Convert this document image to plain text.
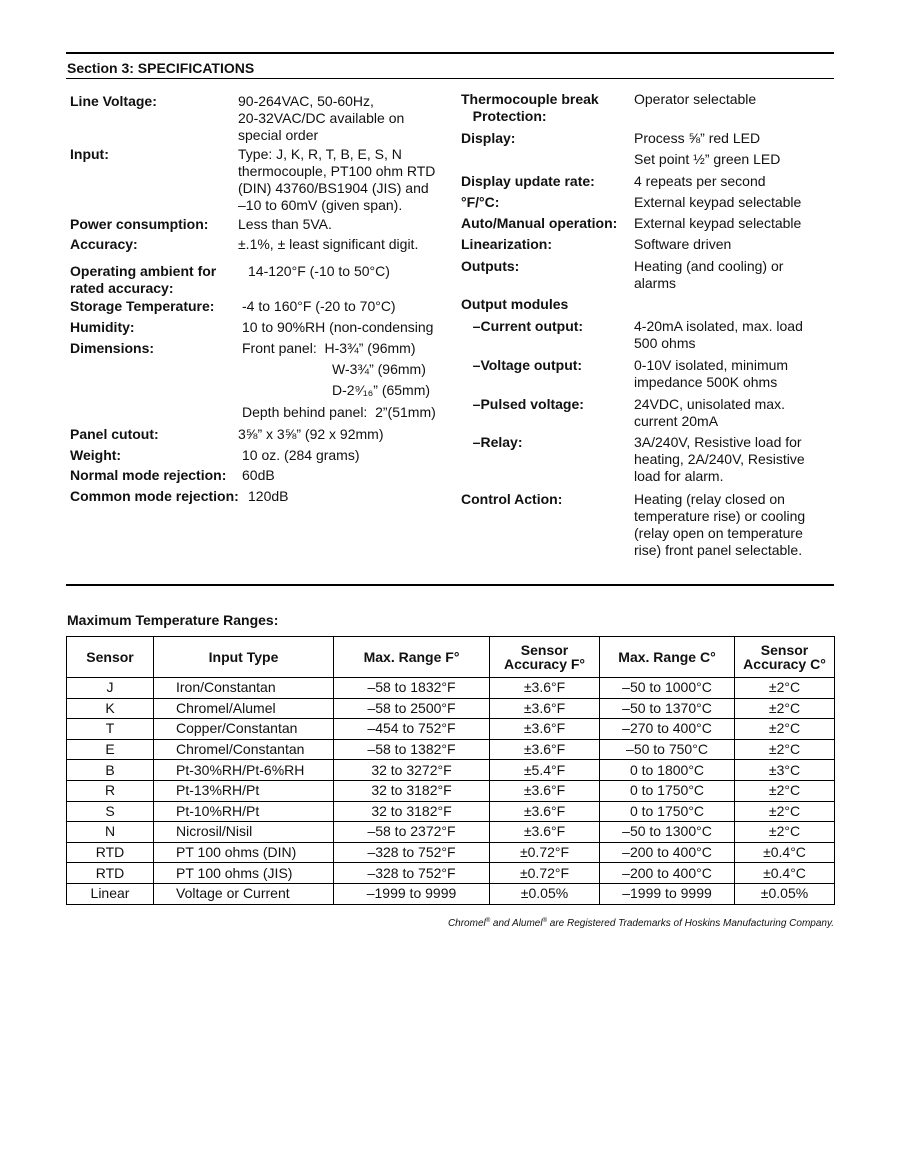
Section 3: SPECIFICATIONS
Line Voltage:	90-264VAC, 50-60Hz,
20-32VAC/DC available on
special order
Input:	Type: J, K, R, T, B, E, S, N
thermocouple, PT100 ohm RTD
(DIN) 43760/BS1904 (JIS) and
–10 to 60mV (given span).
Power consumption: Less than 5VA.
Accuracy:	±.1%, ± least significant digit.
Operating ambient for
rated accuracy:
14-120°F (-10 to 50°C)
Storage Temperature: -4 to 160°F (-20 to 70°C)
Humidity:	10 to 90%RH (non-condensing
Dimensions:	Front panel:  H-3¾” (96mm)
W-3¾” (96mm)
D-2⁹⁄₁₆” (65mm)
Depth behind panel:  2”(51mm)
Panel cutout:	3⅝” x 3⅝” (92 x 92mm)
Weight:	10 oz. (284 grams)
Normal mode rejection: 60dB
Common mode rejection: 120dB
Thermocouple break
Protection:
Operator selectable
Display:	Process ⅝” red LED
Set point ½” green LED
Display update rate:	4 repeats per second
°F/°C:	External keypad selectable
Auto/Manual operation: External keypad selectable
Linearization:	Software driven
Outputs:	Heating (and cooling) or
alarms
Output modules
–Current output:	4-20mA isolated, max. load
500 ohms
–Voltage output:	0-10V isolated, minimum
impedance 500K ohms
–Pulsed voltage:	24VDC, unisolated max.
current 20mA
–Relay:	3A/240V, Resistive load for
heating, 2A/240V, Resistive
load for alarm.
Control Action:	Heating (relay closed on
temperature rise) or cooling
(relay open on temperature
rise) front panel selectable.
Maximum Temperature Ranges:
Sensor	Input Type	Max. Range F°	Sensor
Accuracy F°	Max. Range C°	Sensor
Accuracy C°
J	Iron/Constantan	–58 to 1832°F	±3.6°F	–50 to 1000°C	±2°C
K	Chromel/Alumel	–58 to 2500°F	±3.6°F	–50 to 1370°C	±2°C
T	Copper/Constantan	–454 to 752°F	±3.6°F	–270 to 400°C	±2°C
E	Chromel/Constantan	–58 to 1382°F	±3.6°F	–50 to 750°C	±2°C
B	Pt-30%RH/Pt-6%RH	32 to 3272°F	±5.4°F	0 to 1800°C	±3°C
R	Pt-13%RH/Pt	32 to 3182°F	±3.6°F	0 to 1750°C	±2°C
S	Pt-10%RH/Pt	32 to 3182°F	±3.6°F	0 to 1750°C	±2°C
N	Nicrosil/Nisil	–58 to 2372°F	±3.6°F	–50 to 1300°C	±2°C
RTD	PT 100 ohms (DIN)	–328 to 752°F	±0.72°F	–200 to 400°C	±0.4°C
RTD	PT 100 ohms (JIS)	–328 to 752°F	±0.72°F	–200 to 400°C	±0.4°C
Linear	Voltage or Current	–1999 to 9999	±0.05%	–1999 to 9999	±0.05%
Chromel® and Alumel® are Registered Trademarks of Hoskins Manufacturing Company.
